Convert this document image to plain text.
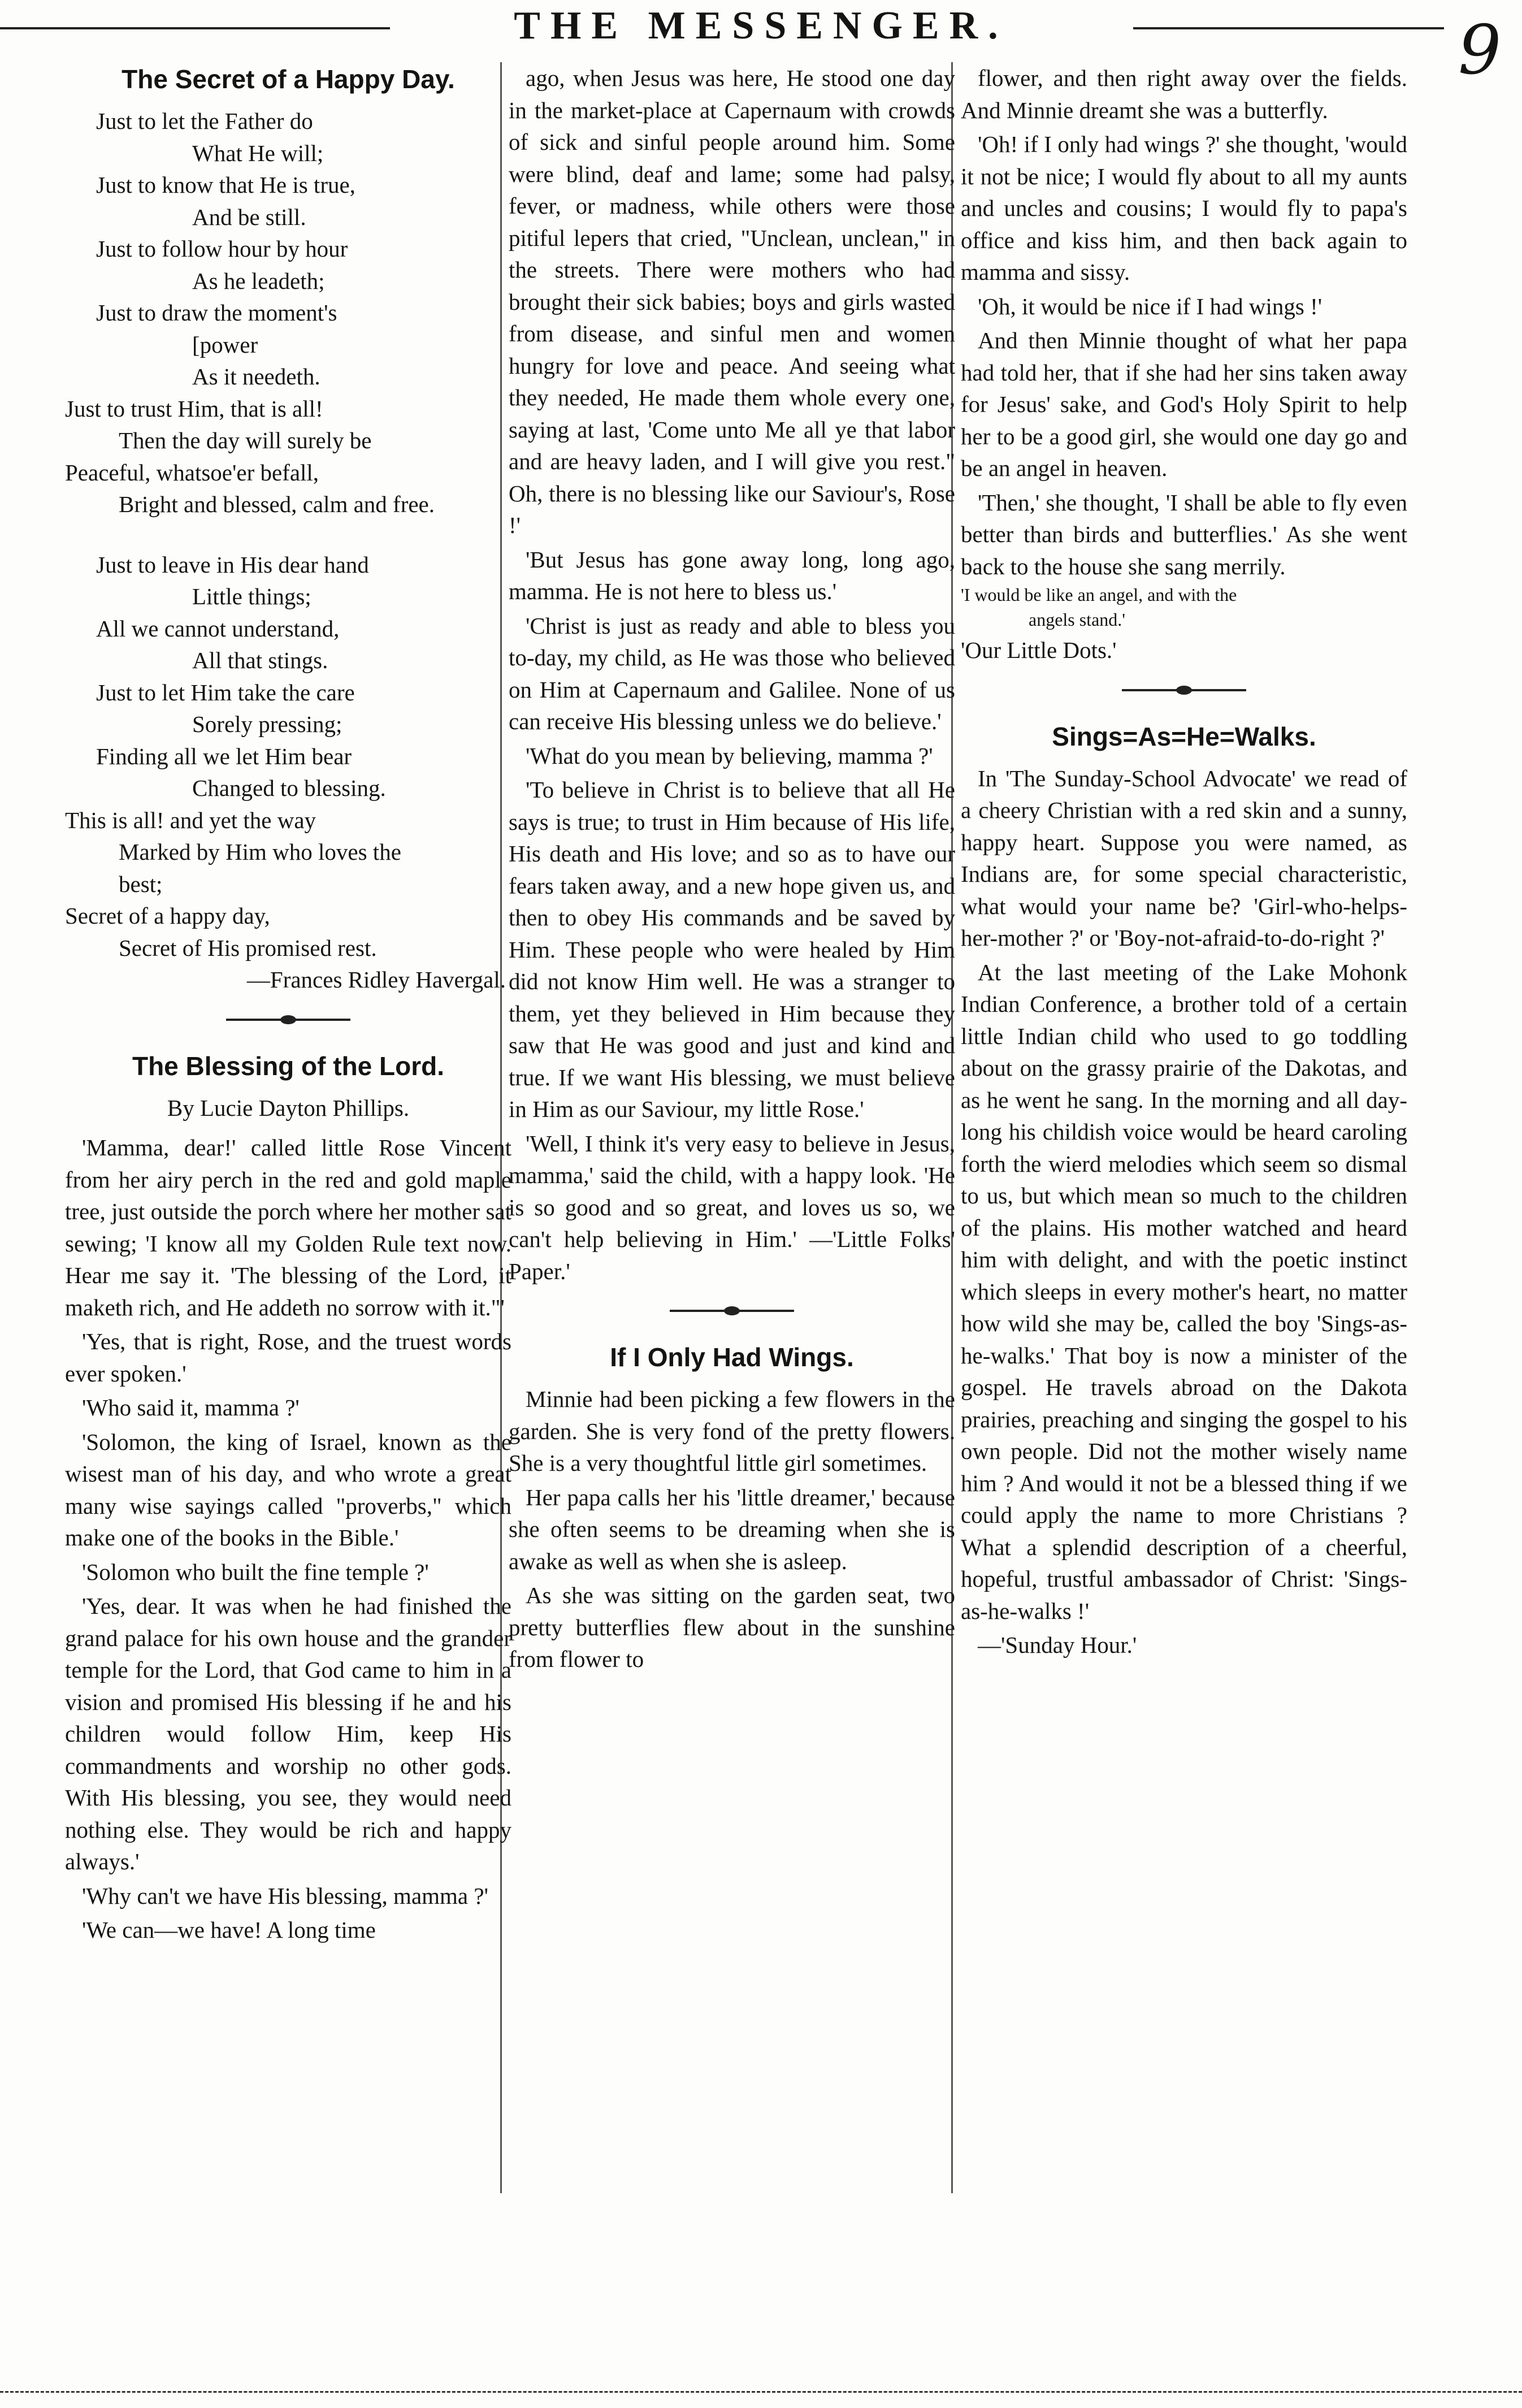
THE MESSENGER.	9
The Secret of a Happy Day.
Just to let the Father do
What He will;
Just to know that He is true,
And be still.
Just to follow hour by hour
As he leadeth;
Just to draw the moment's
[power
As it needeth.
Just to trust Him, that is all!
Then the day will surely be
Peaceful, whatsoe'er befall,
Bright and blessed, calm and free.
Just to leave in His dear hand
Little things;
All we cannot understand,
All that stings.
Just to let Him take the care
Sorely pressing;
Finding all we let Him bear
Changed to blessing.
This is all! and yet the way
Marked by Him who loves the
best;
Secret of a happy day,
Secret of His promised rest.
—Frances Ridley Havergal.
The Blessing of the Lord.
By Lucie Dayton Phillips.

'Mamma, dear!' called little Rose Vincent from her airy perch in the red and gold maple tree, just outside the porch where her mother sat sewing; 'I know all my Golden Rule text now. Hear me say it. 'The blessing of the Lord, it maketh rich, and He addeth no sorrow with it."'

'Yes, that is right, Rose, and the truest words ever spoken.'

'Who said it, mamma ?'

'Solomon, the king of Israel, known as the wisest man of his day, and who wrote a great many wise sayings called "proverbs," which make one of the books in the Bible.'

'Solomon who built the fine temple ?'

'Yes, dear. It was when he had finished the grand palace for his own house and the grander temple for the Lord, that God came to him in a vision and promised His blessing if he and his children would follow Him, keep His commandments and worship no other gods. With His blessing, you see, they would need nothing else. They would be rich and happy always.'

'Why can't we have His blessing, mamma ?'

'We can—we have! A long time

ago, when Jesus was here, He stood one day in the market-place at Capernaum with crowds of sick and sinful people around him. Some were blind, deaf and lame; some had palsy, fever, or madness, while others were those pitiful lepers that cried, "Unclean, unclean," in the streets. There were mothers who had brought their sick babies; boys and girls wasted from disease, and sinful men and women hungry for love and peace. And seeing what they needed, He made them whole every one, saying at last, 'Come unto Me all ye that labor and are heavy laden, and I will give you rest." Oh, there is no blessing like our Saviour's, Rose !'

'But Jesus has gone away long, long ago, mamma. He is not here to bless us.'

'Christ is just as ready and able to bless you to-day, my child, as He was those who believed on Him at Capernaum and Galilee. None of us can receive His blessing unless we do believe.'

'What do you mean by believing, mamma ?'

'To believe in Christ is to believe that all He says is true; to trust in Him because of His life, His death and His love; and so as to have our fears taken away, and a new hope given us, and then to obey His commands and be saved by Him. These people who were healed by Him did not know Him well. He was a stranger to them, yet they believed in Him because they saw that He was good and just and kind and true. If we want His blessing, we must believe in Him as our Saviour, my little Rose.'

'Well, I think it's very easy to believe in Jesus, mamma,' said the child, with a happy look. 'He is so good and so great, and loves us so, we can't help believing in Him.' —'Little Folks' Paper.'

If I Only Had Wings.

Minnie had been picking a few flowers in the garden. She is very fond of the pretty flowers. She is a very thoughtful little girl sometimes.

Her papa calls her his 'little dreamer,' because she often seems to be dreaming when she is awake as well as when she is asleep.

As she was sitting on the garden seat, two pretty butterflies flew about in the sunshine from flower to

flower, and then right away over the fields. And Minnie dreamt she was a butterfly.

'Oh! if I only had wings ?' she thought, 'would it not be nice; I would fly about to all my aunts and uncles and cousins; I would fly to papa's office and kiss him, and then back again to mamma and sissy.

'Oh, it would be nice if I had wings !'

And then Minnie thought of what her papa had told her, that if she had her sins taken away for Jesus' sake, and God's Holy Spirit to help her to be a good girl, she would one day go and be an angel in heaven.

'Then,' she thought, 'I shall be able to fly even better than birds and butterflies.' As she went back to the house she sang merrily.

'I would be like an angel, and with the
angels stand.'

'Our Little Dots.'

Sings=As=He=Walks.

In 'The Sunday-School Advocate' we read of a cheery Christian with a red skin and a sunny, happy heart. Suppose you were named, as Indians are, for some special characteristic, what would your name be? 'Girl-who-helps-her-mother ?' or 'Boy-not-afraid-to-do-right ?'

At the last meeting of the Lake Mohonk Indian Conference, a brother told of a certain little Indian child who used to go toddling about on the grassy prairie of the Dakotas, and as he went he sang. In the morning and all day-long his childish voice would be heard caroling forth the wierd melodies which seem so dismal to us, but which mean so much to the children of the plains. His mother watched and heard him with delight, and with the poetic instinct which sleeps in every mother's heart, no matter how wild she may be, called the boy 'Sings-as-he-walks.' That boy is now a minister of the gospel. He travels abroad on the Dakota prairies, preaching and singing the gospel to his own people. Did not the mother wisely name him ? And would it not be a blessed thing if we could apply the name to more Christians ? What a splendid description of a cheerful, hopeful, trustful ambassador of Christ: 'Sings-as-he-walks !'

—'Sunday Hour.'
